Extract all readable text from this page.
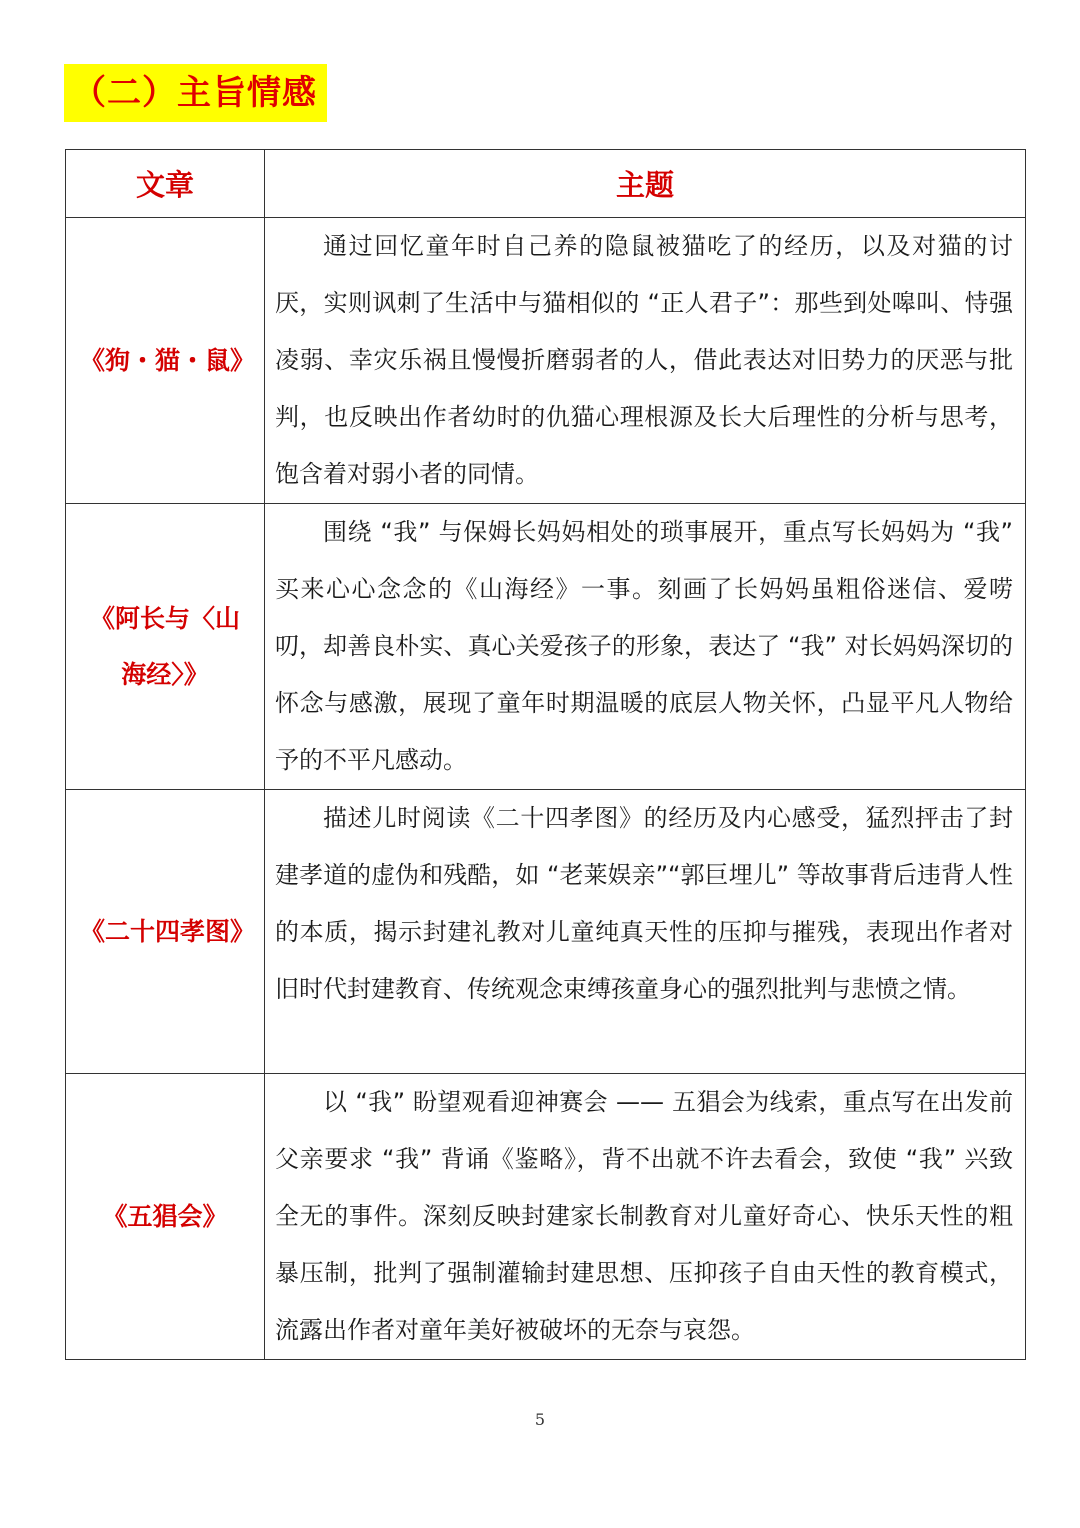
（二）主旨情感
文章	主题
《狗・猫・鼠》	通过回忆童年时自己养的隐鼠被猫吃了的经历，以及对猫的讨厌，实则讽刺了生活中与猫相似的 “正人君子”：那些到处嗥叫、恃强凌弱、幸灾乐祸且慢慢折磨弱者的人，借此表达对旧势力的厌恶与批判，也反映出作者幼时的仇猫心理根源及长大后理性的分析与思考，饱含着对弱小者的同情。

《阿长与〈山海经〉》	围绕 “我” 与保姆长妈妈相处的琐事展开，重点写长妈妈为 “我” 买来心心念念的《山海经》一事。刻画了长妈妈虽粗俗迷信、爱唠叨，却善良朴实、真心关爱孩子的形象，表达了 “我” 对长妈妈深切的怀念与感激，展现了童年时期温暖的底层人物关怀，凸显平凡人物给予的不平凡感动。

《二十四孝图》	描述儿时阅读《二十四孝图》的经历及内心感受，猛烈抨击了封建孝道的虚伪和残酷，如 “老莱娱亲”“郭巨埋儿” 等故事背后违背人性的本质，揭示封建礼教对儿童纯真天性的压抑与摧残，表现出作者对旧时代封建教育、传统观念束缚孩童身心的强烈批判与悲愤之情。

《五猖会》	以 “我” 盼望观看迎神赛会 —— 五猖会为线索，重点写在出发前父亲要求 “我” 背诵《鉴略》，背不出就不许去看会，致使 “我” 兴致全无的事件。深刻反映封建家长制教育对儿童好奇心、快乐天性的粗暴压制，批判了强制灌输封建思想、压抑孩子自由天性的教育模式，流露出作者对童年美好被破坏的无奈与哀怨。
5
